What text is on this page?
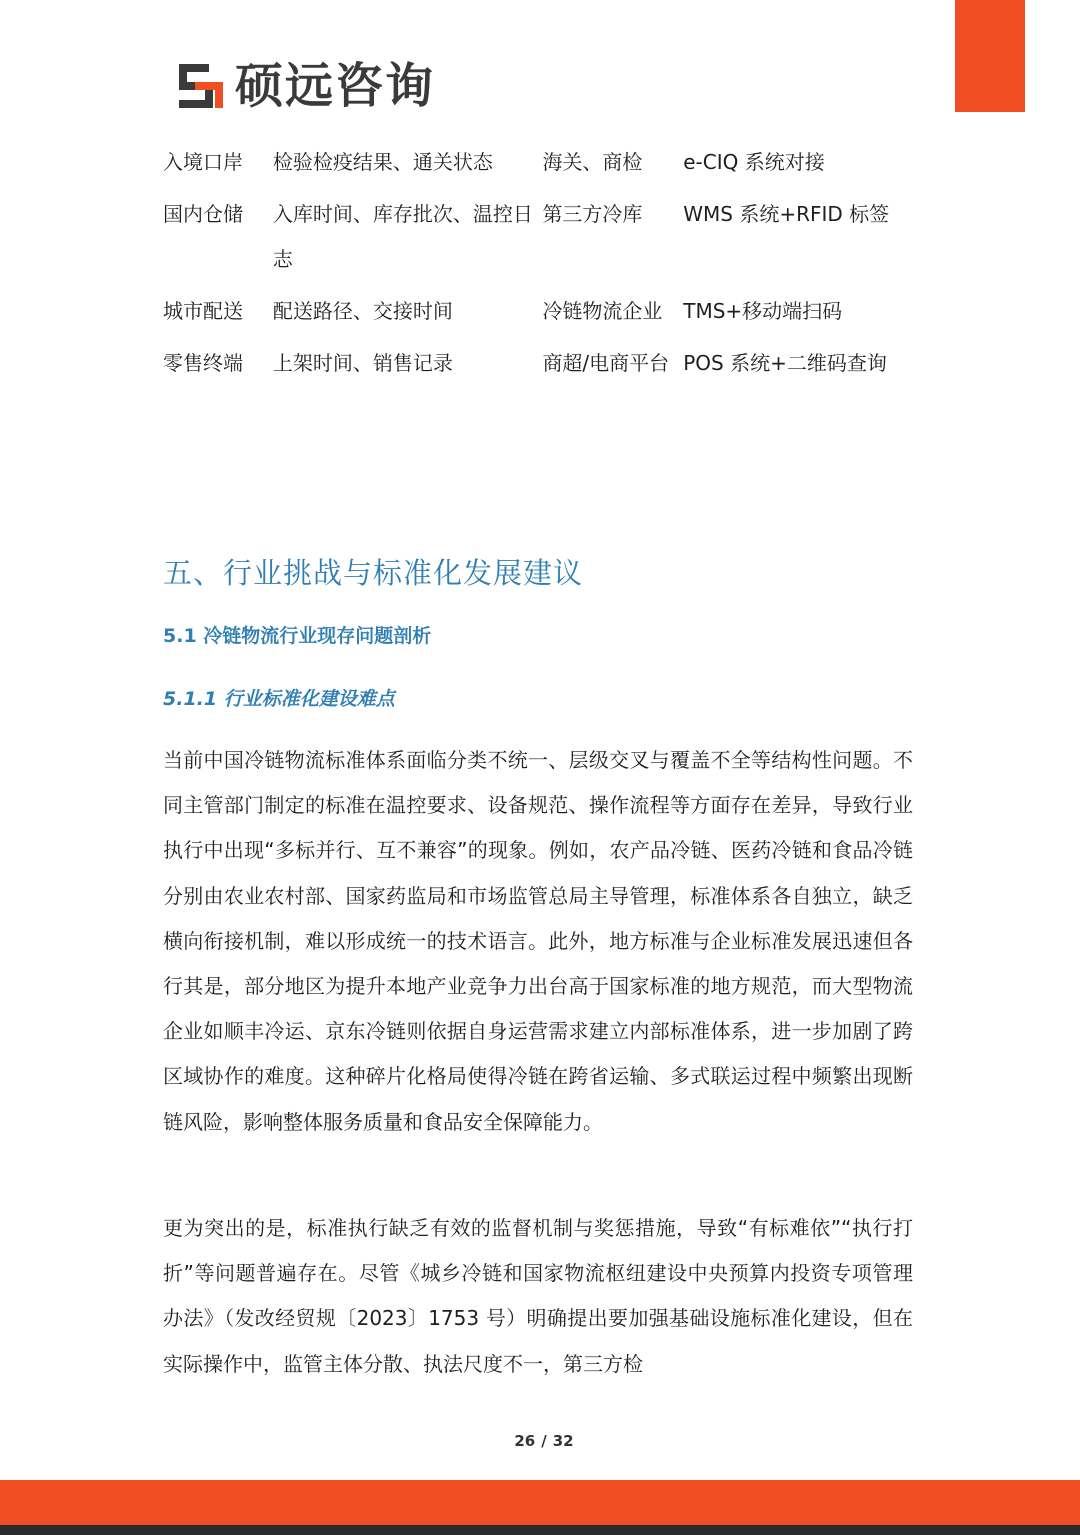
硕远咨询
入境口岸	检验检疫结果、通关状态	海关、商检	e-CIQ 系统对接
国内仓储	入库时间、库存批次、温控日志	第三方冷库	WMS 系统+RFID 标签
城市配送	配送路径、交接时间	冷链物流企业	TMS+移动端扫码
零售终端	上架时间、销售记录	商超/电商平台	POS 系统+二维码查询
五、行业挑战与标准化发展建议
5.1 冷链物流行业现存问题剖析
5.1.1 行业标准化建设难点

当前中国冷链物流标准体系面临分类不统一、层级交叉与覆盖不全等结构性问题。不同主管部门制定的标准在温控要求、设备规范、操作流程等方面存在差异，导致行业执行中出现“多标并行、互不兼容”的现象。例如，农产品冷链、医药冷链和食品冷链分别由农业农村部、国家药监局和市场监管总局主导管理，标准体系各自独立，缺乏横向衔接机制，难以形成统一的技术语言。此外，地方标准与企业标准发展迅速但各行其是，部分地区为提升本地产业竞争力出台高于国家标准的地方规范，而大型物流企业如顺丰冷运、京东冷链则依据自身运营需求建立内部标准体系，进一步加剧了跨区域协作的难度。这种碎片化格局使得冷链在跨省运输、多式联运过程中频繁出现断链风险，影响整体服务质量和食品安全保障能力。

更为突出的是，标准执行缺乏有效的监督机制与奖惩措施，导致“有标难依”“执行打折”等问题普遍存在。尽管《城乡冷链和国家物流枢纽建设中央预算内投资专项管理办法》（发改经贸规〔2023〕1753 号）明确提出要加强基础设施标准化建设，但在实际操作中，监管主体分散、执法尺度不一，第三方检

26 / 32
